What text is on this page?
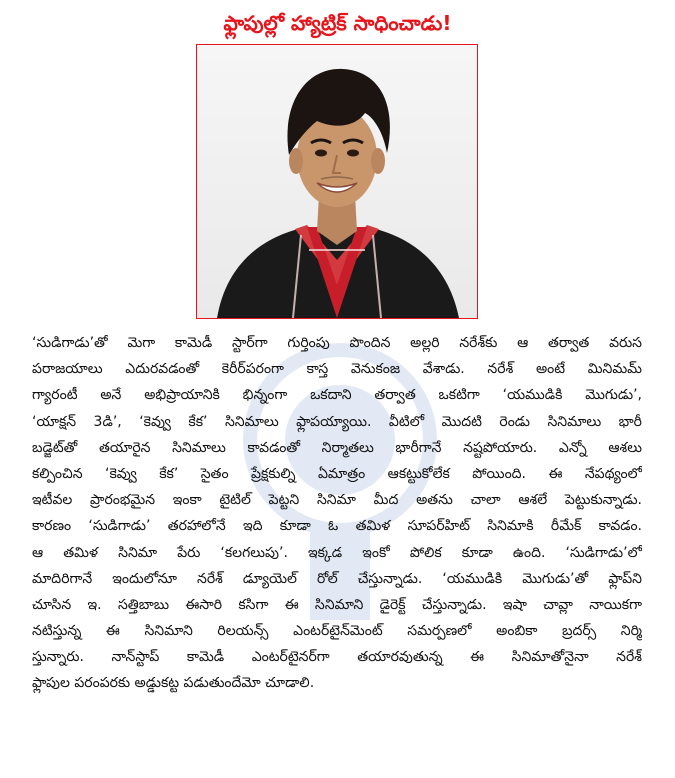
ఫ్లాపుల్లో హ్యాట్రిక్ సాధించాడు!
‘సుడిగాడు’తో మెగా కామెడీ స్టార్‌గా గుర్తింపు పొందిన అల్లరి నరేశ్‌కు ఆ తర్వాత వరుస
పరాజయాలు ఎదురవడంతో కెరీర్‌పరంగా కాస్త వెనుకంజ వేశాడు. నరేశ్ అంటే మినిమమ్
గ్యారంటీ అనే అభిప్రాయానికి భిన్నంగా ఒకదాని తర్వాత ఒకటిగా ‘యముడికి మొగుడు’,
‘యాక్షన్ 3డి’, ‘కెవ్వు కేక’ సినిమాలు ఫ్లాపయ్యాయి. వీటిలో మొదటి రెండు సినిమాలు భారీ
బడ్జెట్‌తో తయారైన సినిమాలు కావడంతో నిర్మాతలు భారీగానే నష్టపోయారు. ఎన్నో ఆశలు
కల్పించిన ‘కెవ్వు కేక’ సైతం ప్రేక్షకుల్ని ఏమాత్రం ఆకట్టుకోలేక పోయింది. ఈ నేపథ్యంలో
ఇటీవల ప్రారంభమైన ఇంకా టైటిల్ పెట్టని సినిమా మీద అతను చాలా ఆశలే పెట్టుకున్నాడు.
కారణం ‘సుడిగాడు’ తరహాలోనే ఇది కూడా ఓ తమిళ సూపర్‌హిట్ సినిమాకి రీమేక్ కావడం.
ఆ తమిళ సినిమా పేరు ‘కలగలుపు’. ఇక్కడ ఇంకో పోలిక కూడా ఉంది. ‘సుడిగాడు’లో
మాదిరిగానే ఇందులోనూ నరేశ్ డ్యూయెల్ రోల్ చేస్తున్నాడు. ‘యముడికి మొగుడు’తో ఫ్లాప్‌ని
చూసిన ఇ. సత్తిబాబు ఈసారి కసిగా ఈ సినిమాని డైరెక్ట్ చేస్తున్నాడు. ఇషా చావ్లా నాయికగా
నటిస్తున్న ఈ సినిమాని రిలయన్స్ ఎంటర్‌టైన్‌మెంట్ సమర్పణలో అంబికా బ్రదర్స్ నిర్మి
స్తున్నారు. నాన్‌స్టాప్ కామెడీ ఎంటర్‌టైనర్‌గా తయారవుతున్న ఈ సినిమాతోనైనా నరేశ్
ఫ్లాపుల పరంపరకు అడ్డుకట్ట పడుతుందేమో చూడాలి.
